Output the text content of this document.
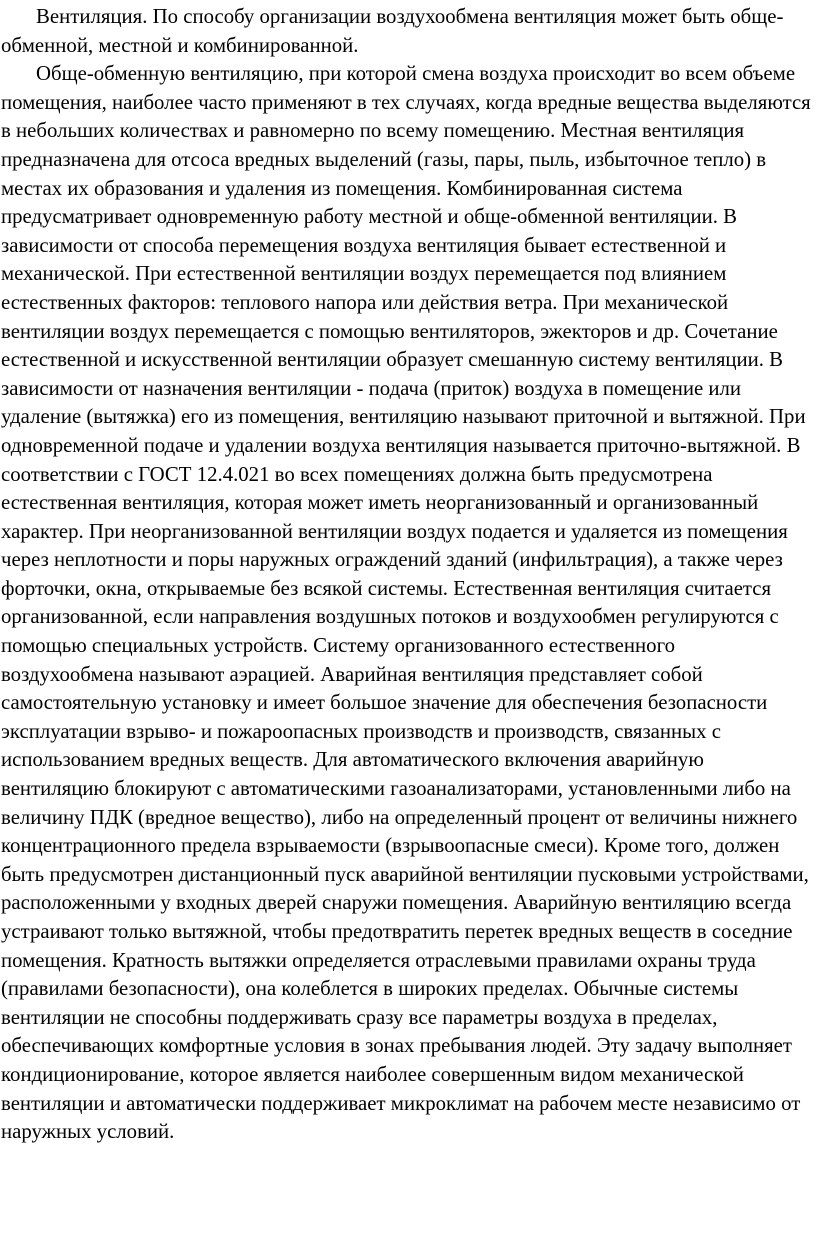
Вентиляция. По способу организации воздухообмена вентиляция может быть обще-обменной, местной и комбинированной.

Обще-обменную вентиляцию, при которой смена воздуха происходит во всем объеме помещения, наиболее часто применяют в тех случаях, когда вредные вещества выделяются в небольших количествах и равномерно по всему помещению. Местная вентиляция предназначена для отсоса вредных выделений (газы, пары, пыль, избыточное тепло) в местах их образования и удаления из помещения. Комбинированная система предусматривает одновременную работу местной и обще-обменной вентиляции. В зависимости от способа перемещения воздуха вентиляция бывает естественной и механической. При естественной вентиляции воздух перемещается под влиянием естественных факторов: теплового напора или действия ветра. При механической вентиляции воздух перемещается с помощью вентиляторов, эжекторов и др. Сочетание естественной и искусственной вентиляции образует смешанную систему вентиляции. В зависимости от назначения вентиляции - подача (приток) воздуха в помещение или удаление (вытяжка) его из помещения, вентиляцию называют приточной и вытяжной. При одновременной подаче и удалении воздуха вентиляция называется приточно-вытяжной. В соответствии с ГОСТ 12.4.021 во всех помещениях должна быть предусмотрена естественная вентиляция, которая может иметь неорганизованный и организованный характер. При неорганизованной вентиляции воздух подается и удаляется из помещения через неплотности и поры наружных ограждений зданий (инфильтрация), а также через форточки, окна, открываемые без всякой системы. Естественная вентиляция считается организованной, если направления воздушных потоков и воздухообмен регулируются с помощью специальных устройств. Систему организованного естественного воздухообмена называют аэрацией. Аварийная вентиляция представляет собой самостоятельную установку и имеет большое значение для обеспечения безопасности эксплуатации взрыво- и пожароопасных производств и производств, связанных с использованием вредных веществ. Для автоматического включения аварийную вентиляцию блокируют с автоматическими газоанализаторами, установленными либо на величину ПДК (вредное вещество), либо на определенный процент от величины нижнего концентрационного предела взрываемости (взрывоопасные смеси). Кроме того, должен быть предусмотрен дистанционный пуск аварийной вентиляции пусковыми устройствами, расположенными у входных дверей снаружи помещения. Аварийную вентиляцию всегда устраивают только вытяжной, чтобы предотвратить перетек вредных веществ в соседние помещения. Кратность вытяжки определяется отраслевыми правилами охраны труда (правилами безопасности), она колеблется в широких пределах. Обычные системы вентиляции не способны поддерживать сразу все параметры воздуха в пределах, обеспечивающих комфортные условия в зонах пребывания людей. Эту задачу выполняет кондиционирование, которое является наиболее совершенным видом механической вентиляции и автоматически поддерживает микроклимат на рабочем месте независимо от наружных условий.
